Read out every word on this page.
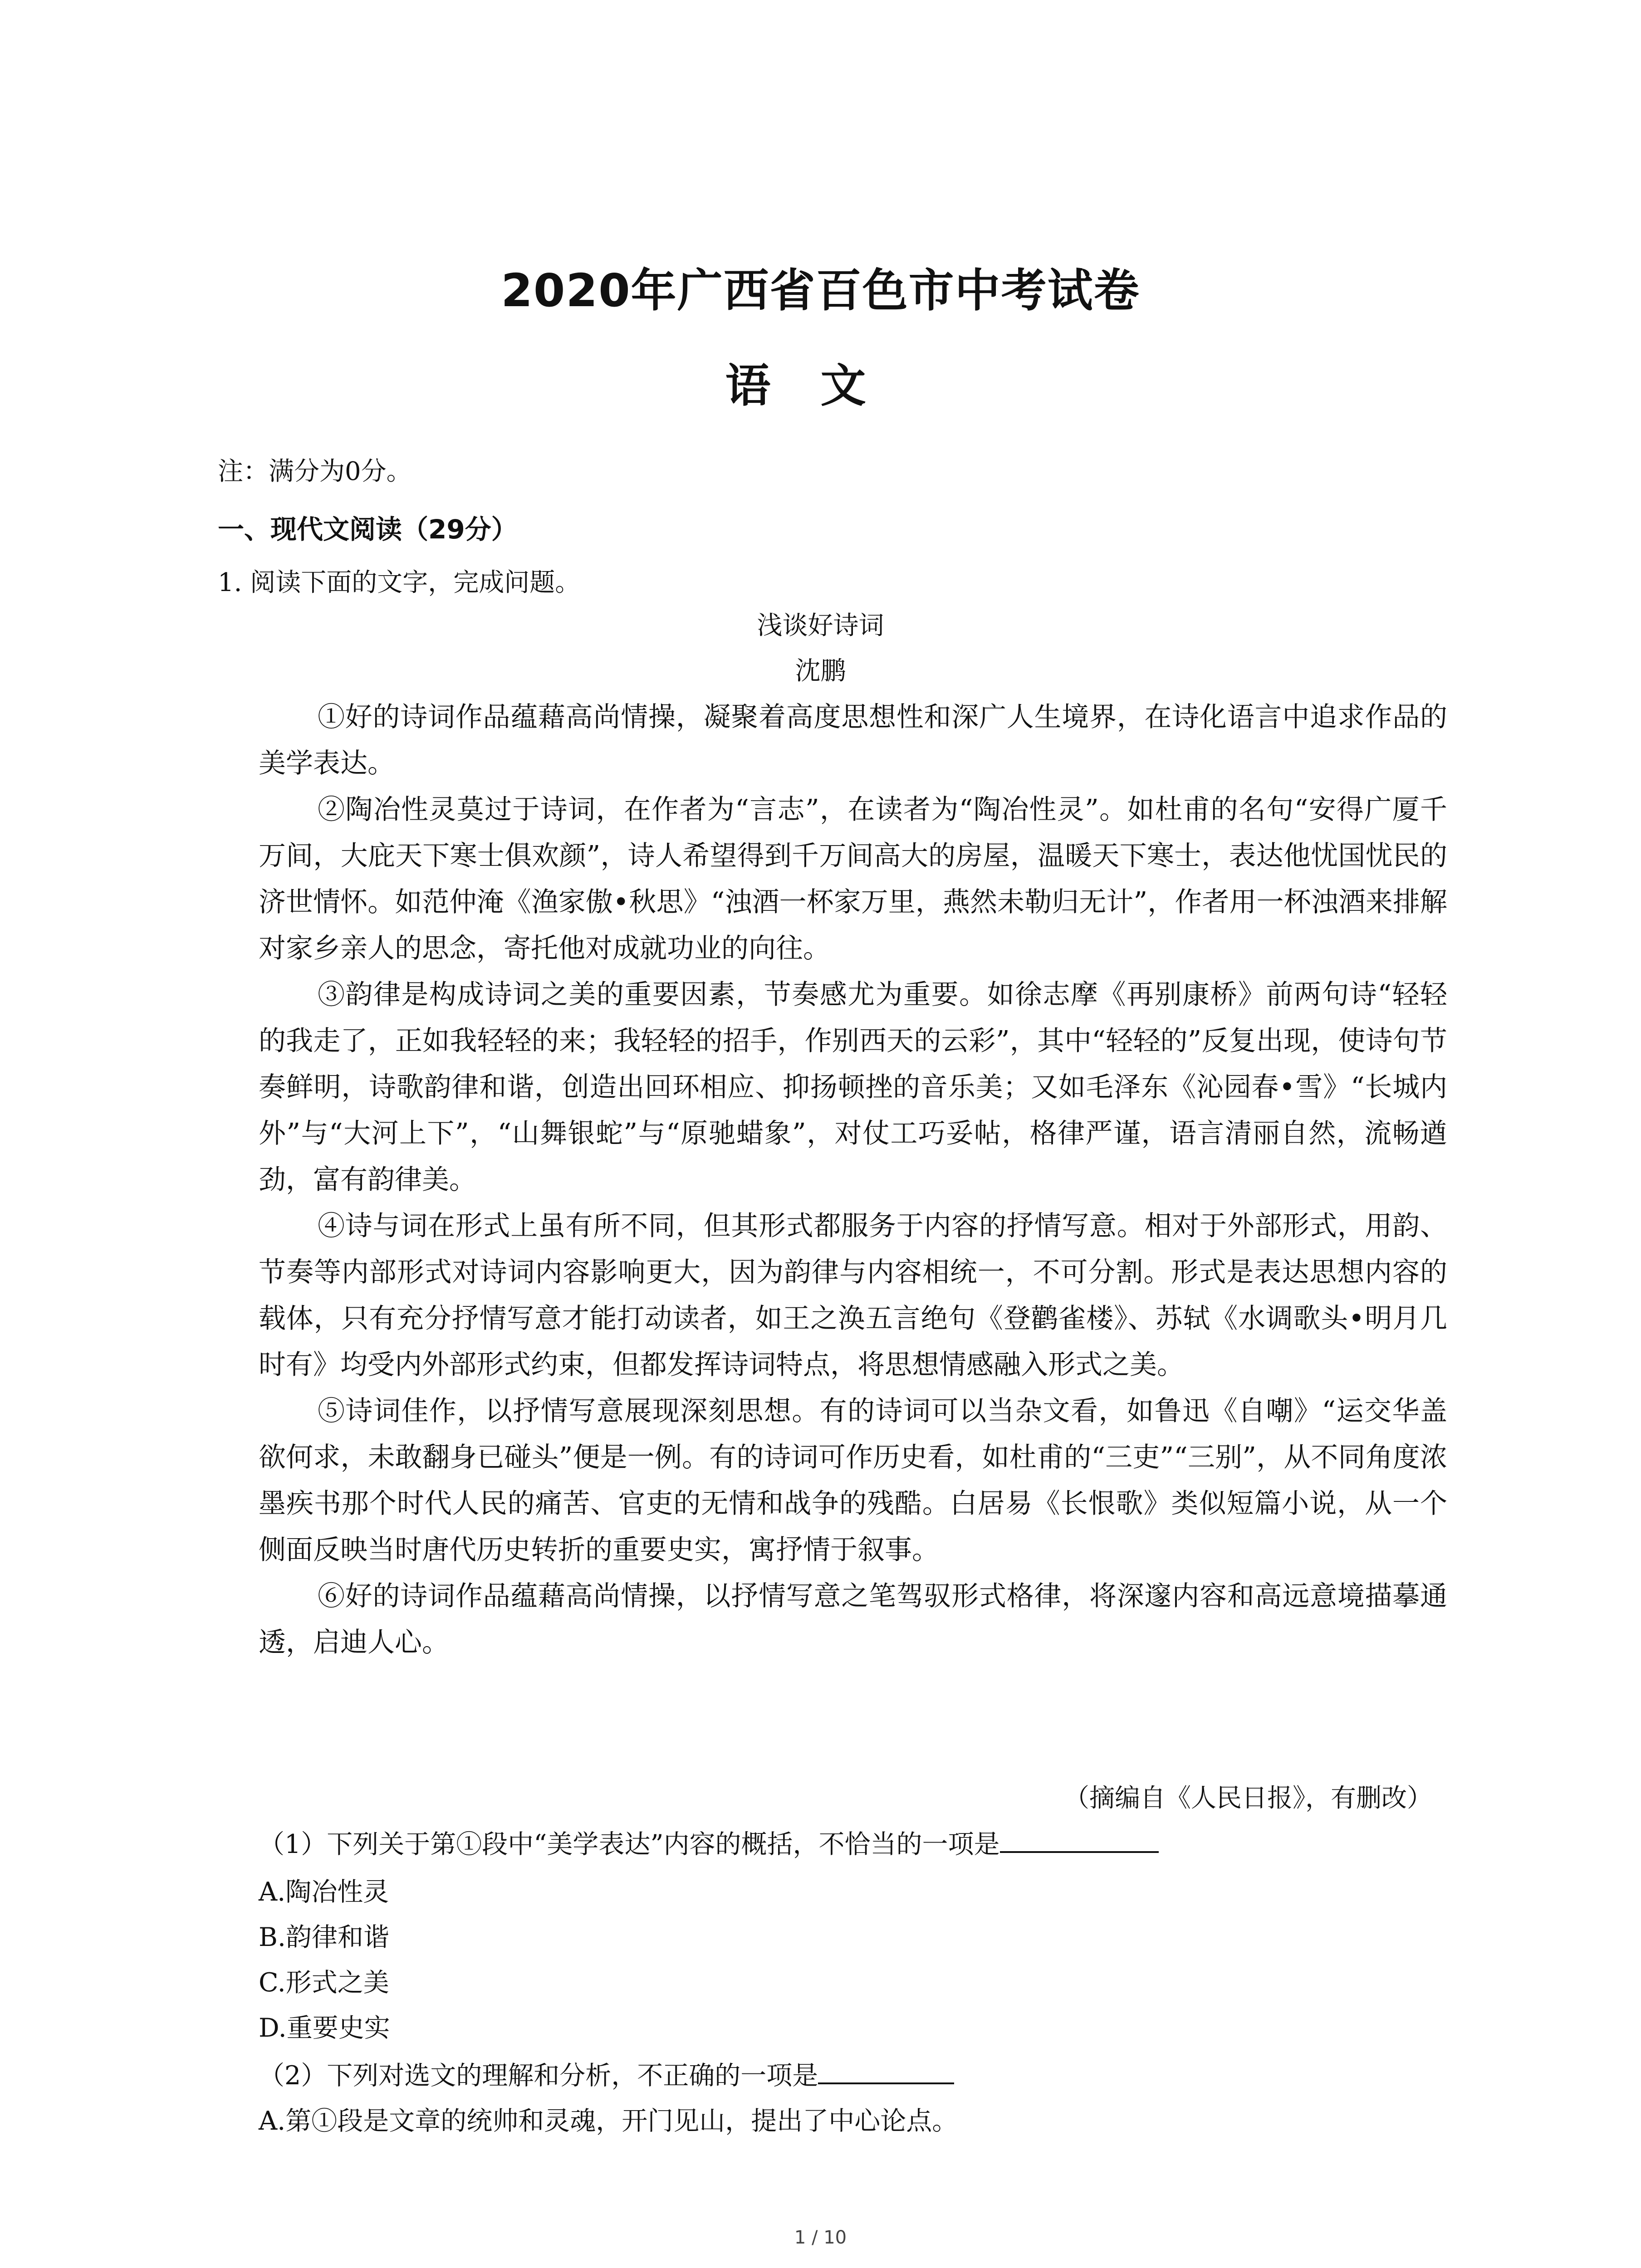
2020年广西省百色市中考试卷
语文
注：满分为0分。
一、现代文阅读（29分）
1. 阅读下面的文字，完成问题。
浅谈好诗词
沈鹏

①好的诗词作品蕴藉高尚情操，凝聚着高度思想性和深广人生境界，在诗化语言中追求作品的美学表达。

②陶冶性灵莫过于诗词，在作者为“言志”，在读者为“陶冶性灵”。如杜甫的名句“安得广厦千万间，大庇天下寒士俱欢颜”，诗人希望得到千万间高大的房屋，温暖天下寒士，表达他忧国忧民的济世情怀。如范仲淹《渔家傲•秋思》“浊酒一杯家万里，燕然未勒归无计”，作者用一杯浊酒来排解对家乡亲人的思念，寄托他对成就功业的向往。

③韵律是构成诗词之美的重要因素，节奏感尤为重要。如徐志摩《再别康桥》前两句诗“轻轻的我走了，正如我轻轻的来；我轻轻的招手，作别西天的云彩”，其中“轻轻的”反复出现，使诗句节奏鲜明，诗歌韵律和谐，创造出回环相应、抑扬顿挫的音乐美；又如毛泽东《沁园春•雪》“长城内外”与“大河上下”，“山舞银蛇”与“原驰蜡象”，对仗工巧妥帖，格律严谨，语言清丽自然，流畅遒劲，富有韵律美。

④诗与词在形式上虽有所不同，但其形式都服务于内容的抒情写意。相对于外部形式，用韵、节奏等内部形式对诗词内容影响更大，因为韵律与内容相统一，不可分割。形式是表达思想内容的载体，只有充分抒情写意才能打动读者，如王之涣五言绝句《登鹳雀楼》、苏轼《水调歌头•明月几时有》均受内外部形式约束，但都发挥诗词特点，将思想情感融入形式之美。

⑤诗词佳作，以抒情写意展现深刻思想。有的诗词可以当杂文看，如鲁迅《自嘲》“运交华盖欲何求，未敢翻身已碰头”便是一例。有的诗词可作历史看，如杜甫的“三吏”“三别”，从不同角度浓墨疾书那个时代人民的痛苦、官吏的无情和战争的残酷。白居易《长恨歌》类似短篇小说，从一个侧面反映当时唐代历史转折的重要史实，寓抒情于叙事。

⑥好的诗词作品蕴藉高尚情操，以抒情写意之笔驾驭形式格律，将深邃内容和高远意境描摹通透，启迪人心。

（摘编自《人民日报》，有删改）
（1）下列关于第①段中“美学表达”内容的概括，不恰当的一项是
A.陶冶性灵
B.韵律和谐
C.形式之美
D.重要史实
（2）下列对选文的理解和分析，不正确的一项是
A.第①段是文章的统帅和灵魂，开门见山，提出了中心论点。
1 / 10
